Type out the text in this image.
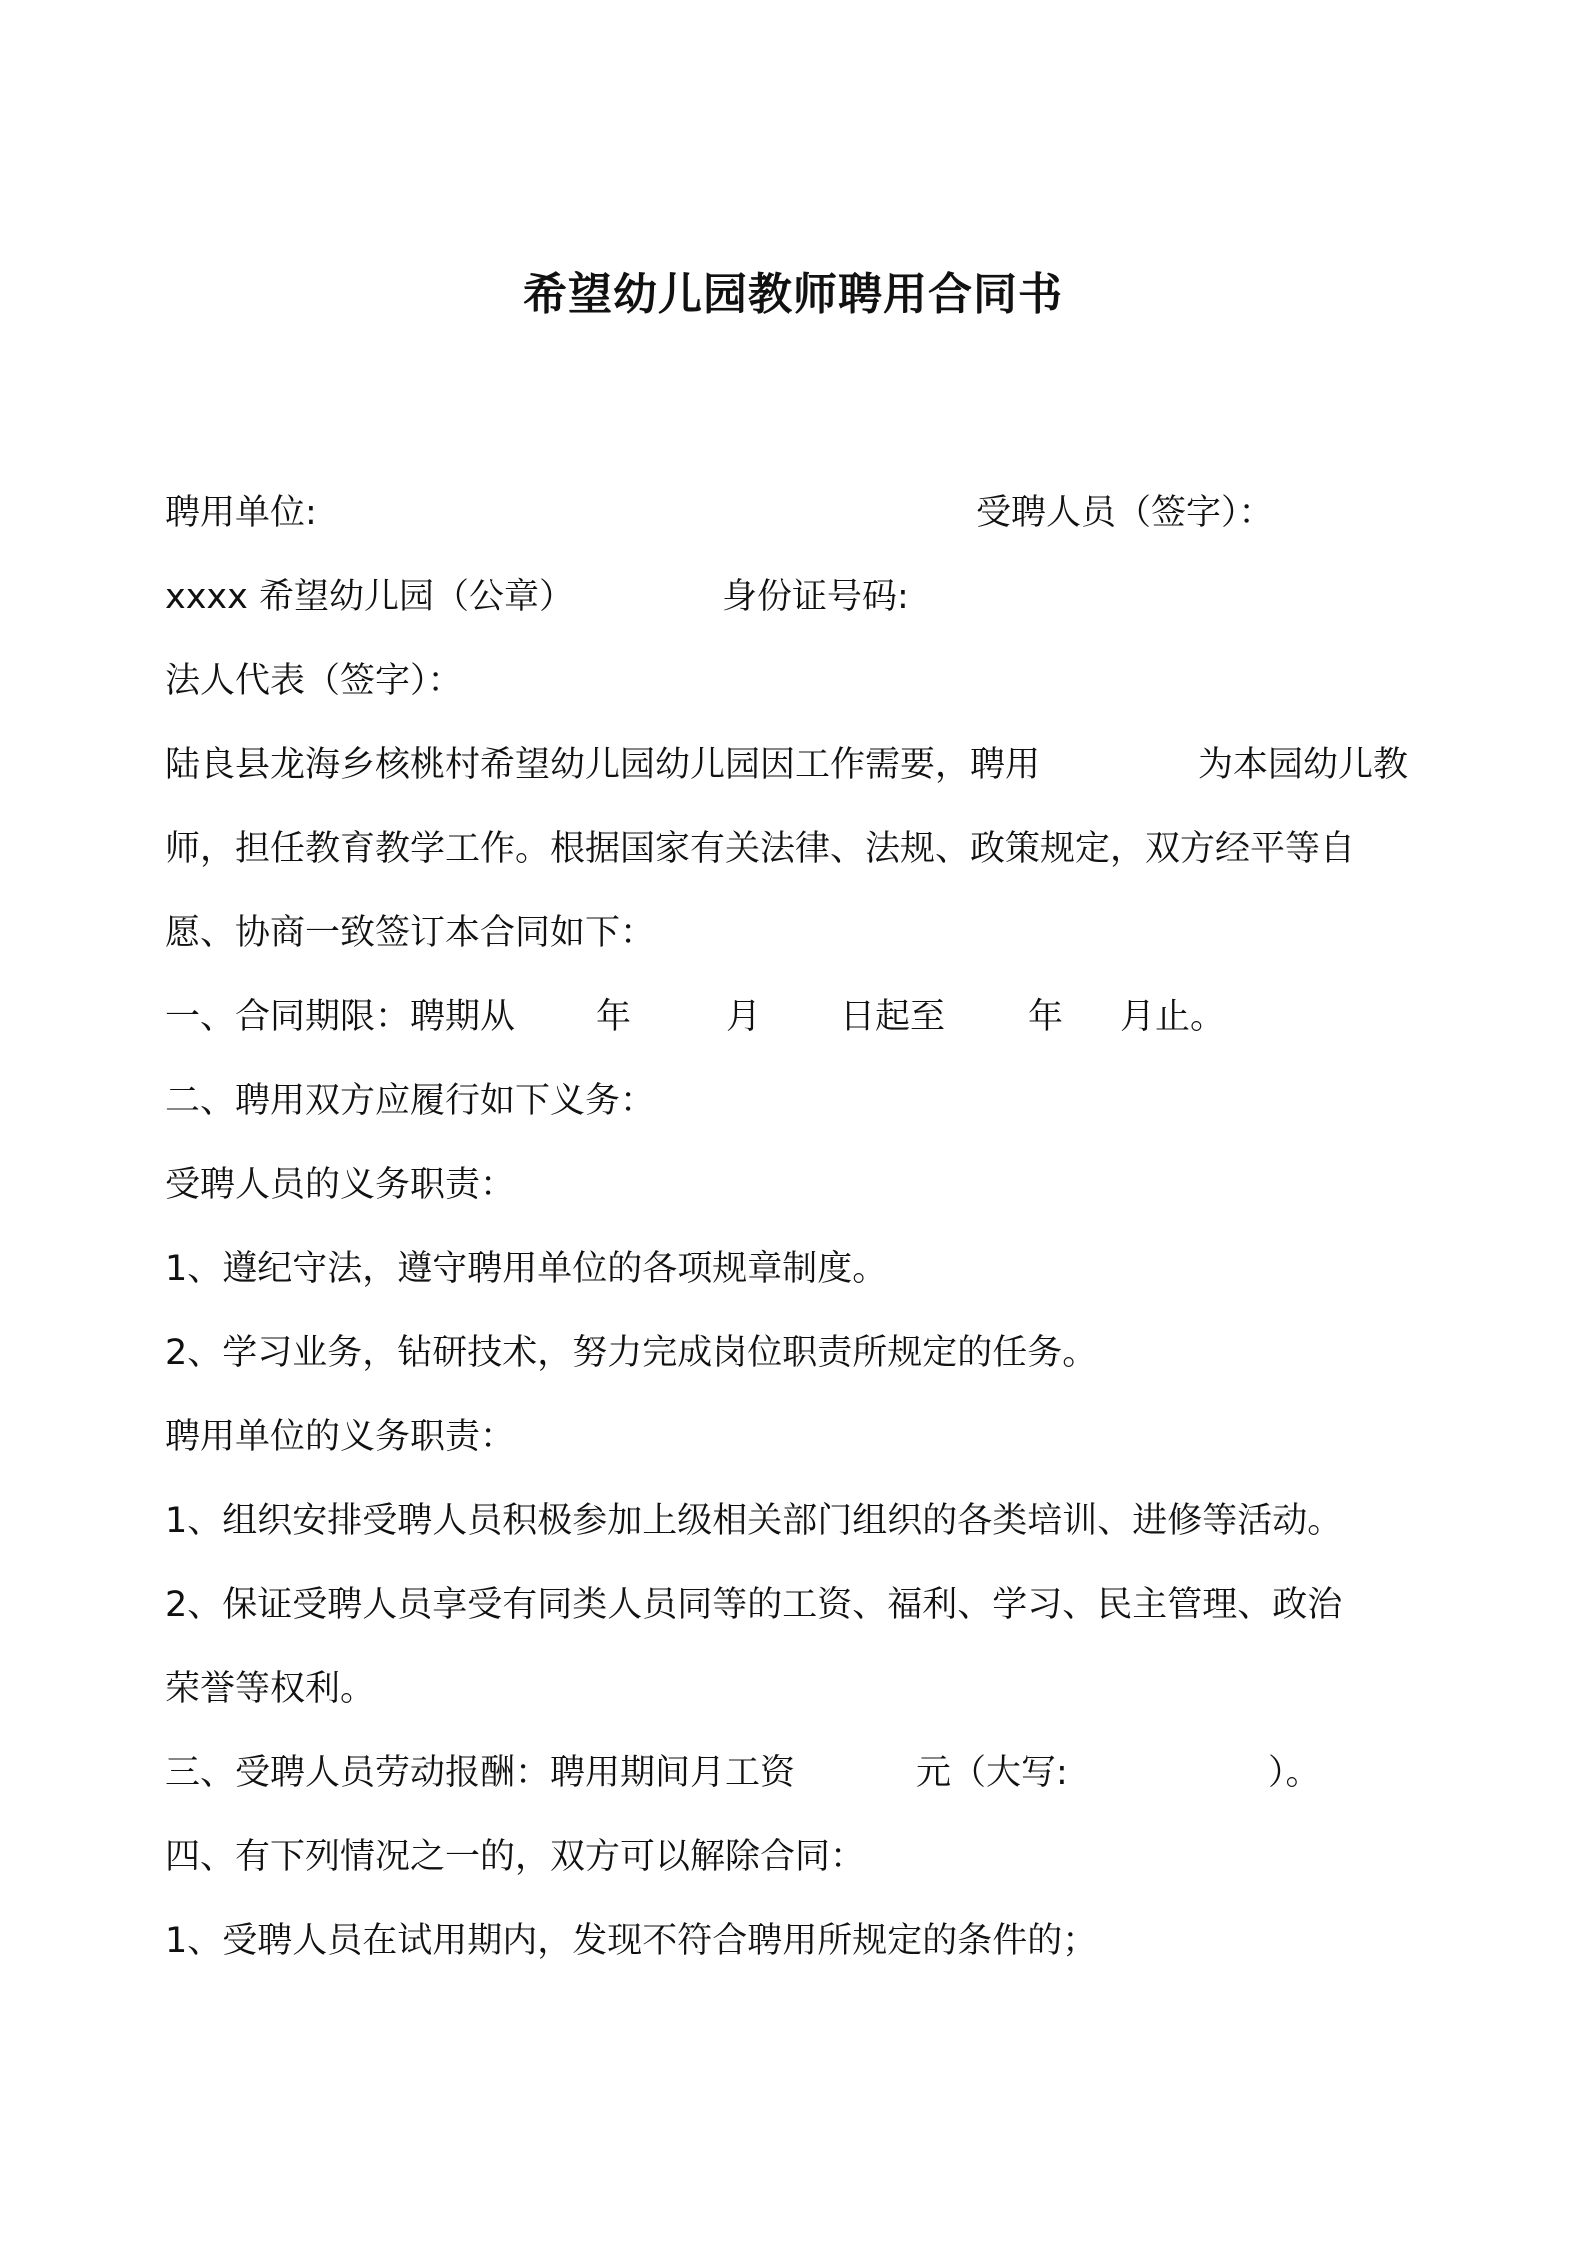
希望幼儿园教师聘用合同书
聘用单位:	受聘人员（签字）：
xxxx 希望幼儿园（公章）	身份证号码:
法人代表（签字）：
陆良县龙海乡核桃村希望幼儿园幼儿园因工作需要，聘用	为本园幼儿教
师，担任教育教学工作。根据国家有关法律、法规、政策规定，双方经平等自
愿、协商一致签订本合同如下：
一、合同期限：聘期从 年	月 日起至 年 月止。
二、聘用双方应履行如下义务：
受聘人员的义务职责：
1、遵纪守法，遵守聘用单位的各项规章制度。
2、学习业务，钻研技术，努力完成岗位职责所规定的任务。
聘用单位的义务职责：
1、组织安排受聘人员积极参加上级相关部门组织的各类培训、进修等活动。
2、保证受聘人员享受有同类人员同等的工资、福利、学习、民主管理、政治
荣誉等权利。
三、受聘人员劳动报酬：聘用期间月工资	元（大写:	）。
四、有下列情况之一的，双方可以解除合同：
1、受聘人员在试用期内，发现不符合聘用所规定的条件的；
